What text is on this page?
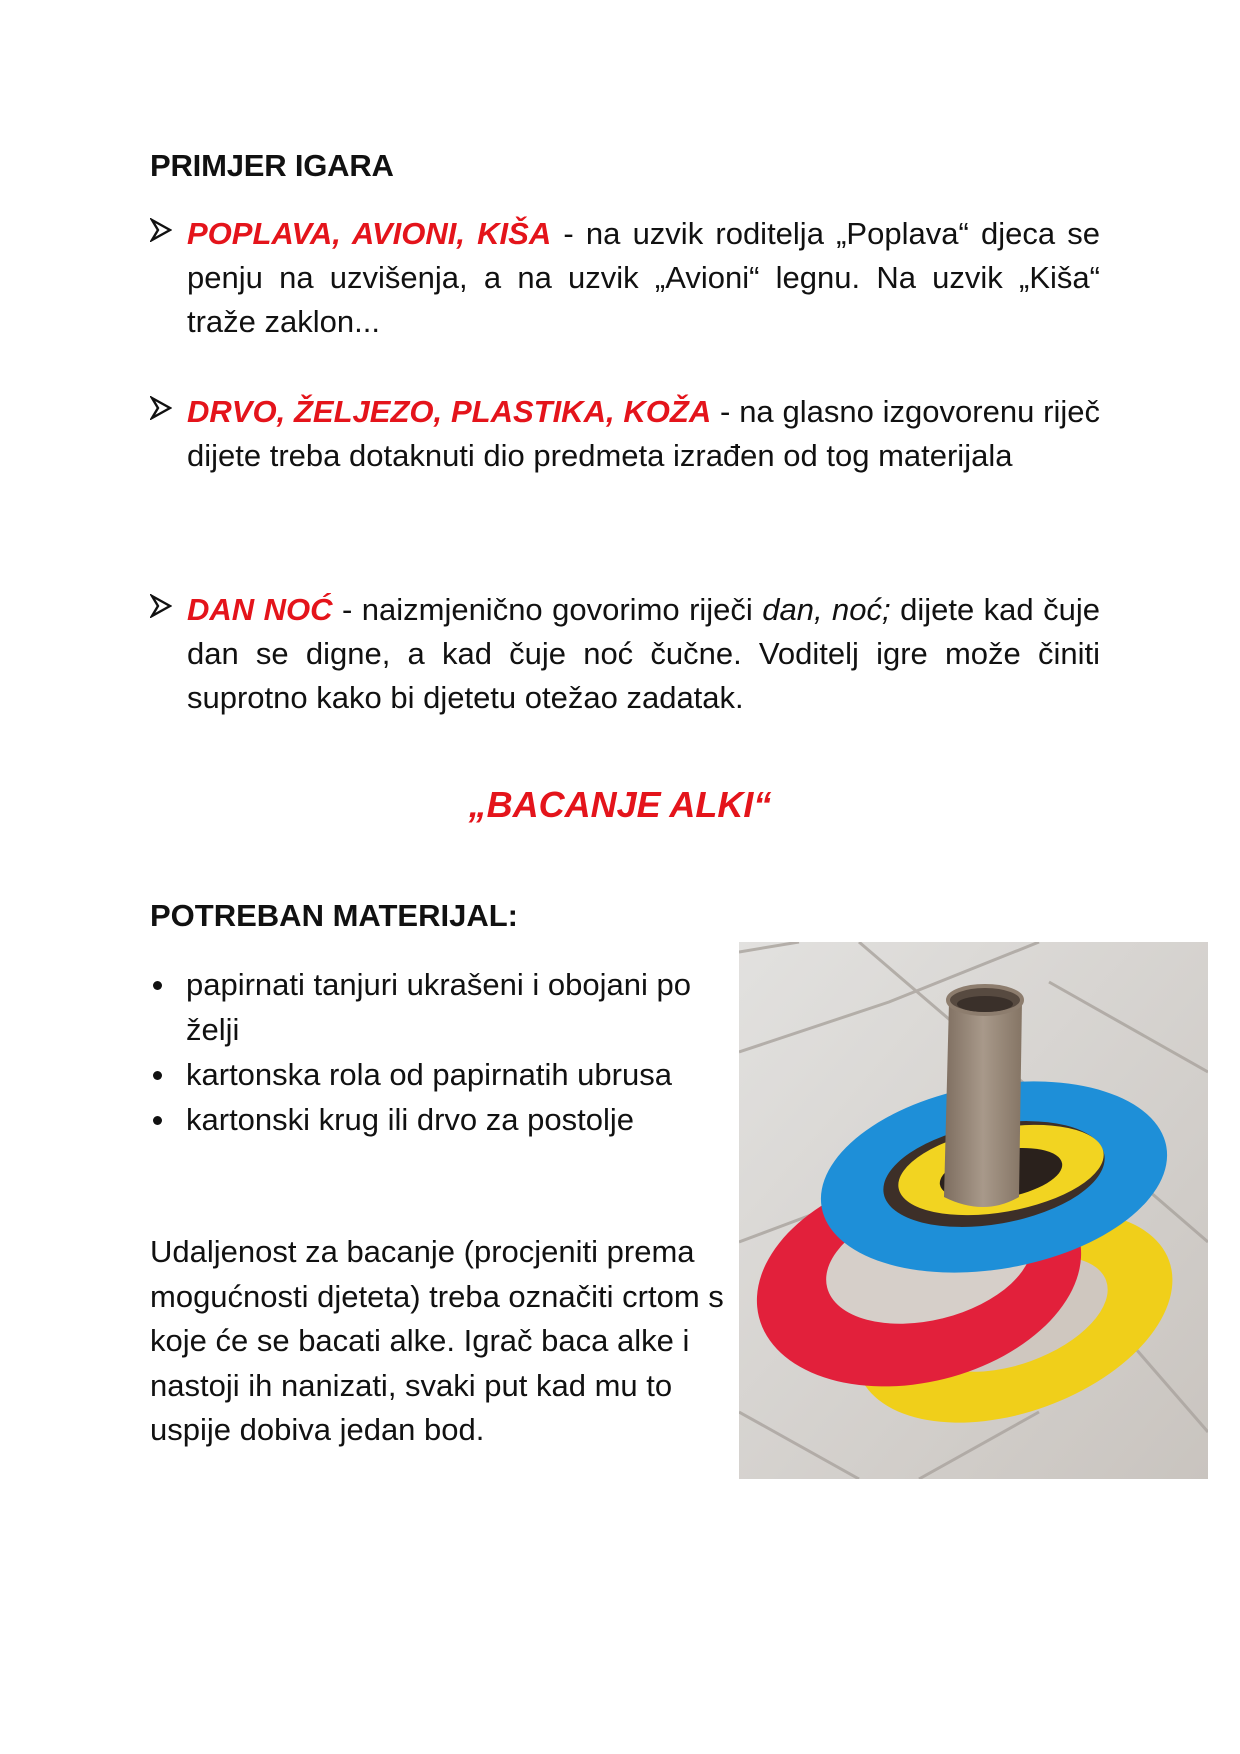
PRIMJER IGARA
POPLAVA, AVIONI, KIŠA - na uzvik roditelja „Poplava“ djeca se penju na uzvišenja, a na uzvik „Avioni“ legnu. Na uzvik „Kiša“ traže zaklon...
DRVO, ŽELJEZO, PLASTIKA, KOŽA - na glasno izgovorenu riječ dijete treba dotaknuti dio predmeta izrađen od tog materijala
DAN NOĆ - naizmjenično govorimo riječi dan, noć; dijete kad čuje dan se digne, a kad čuje noć čučne. Voditelj igre može činiti suprotno kako bi djetetu otežao zadatak.
„BACANJE ALKI“
POTREBAN MATERIJAL:
papirnati tanjuri ukrašeni i obojani po želji
kartonska rola od papirnatih ubrusa
kartonski krug ili drvo za postolje
Udaljenost za bacanje (procjeniti prema mogućnosti djeteta) treba označiti crtom s koje će se bacati alke. Igrač baca alke i nastoji ih nanizati, svaki put kad mu to uspije dobiva jedan bod.
